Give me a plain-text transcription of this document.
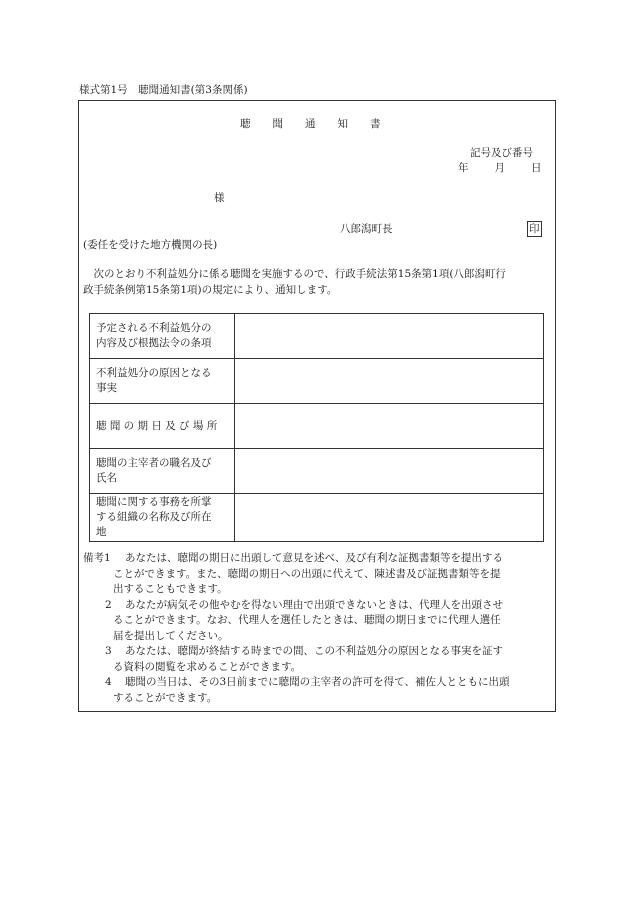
様式第1号　聴聞通知書(第3条関係)
聴 聞 通 知 書
記号及び番号
年 月 日
様
八郎潟町長	印
(委任を受けた地方機関の長)

　次のとおり不利益処分に係る聴聞を実施するので、行政手続法第15条第1項(八郎潟町行

政手続条例第15条第1項)の規定により、通知します。

予定される不利益処分の
内容及び根拠法令の条項	

不利益処分の原因となる
事実	

聴 聞 の 期 日 及 び 場 所	

聴聞の主宰者の職名及び
氏名	

聴聞に関する事務を所掌
する組織の名称及び所在
地	

備考1 あなたは、聴聞の期日に出頭して意見を述べ、及び有利な証拠書類等を提出する
ことができます。また、聴聞の期日への出頭に代えて、陳述書及び証拠書類等を提
出することもできます。
2 あなたが病気その他やむを得ない理由で出頭できないときは、代理人を出頭させ
ることができます。なお、代理人を選任したときは、聴聞の期日までに代理人選任
届を提出してください。
3 あなたは、聴聞が終結する時までの間、この不利益処分の原因となる事実を証す
る資料の閲覧を求めることができます。
4 聴聞の当日は、その3日前までに聴聞の主宰者の許可を得て、補佐人とともに出頭
することができます。
